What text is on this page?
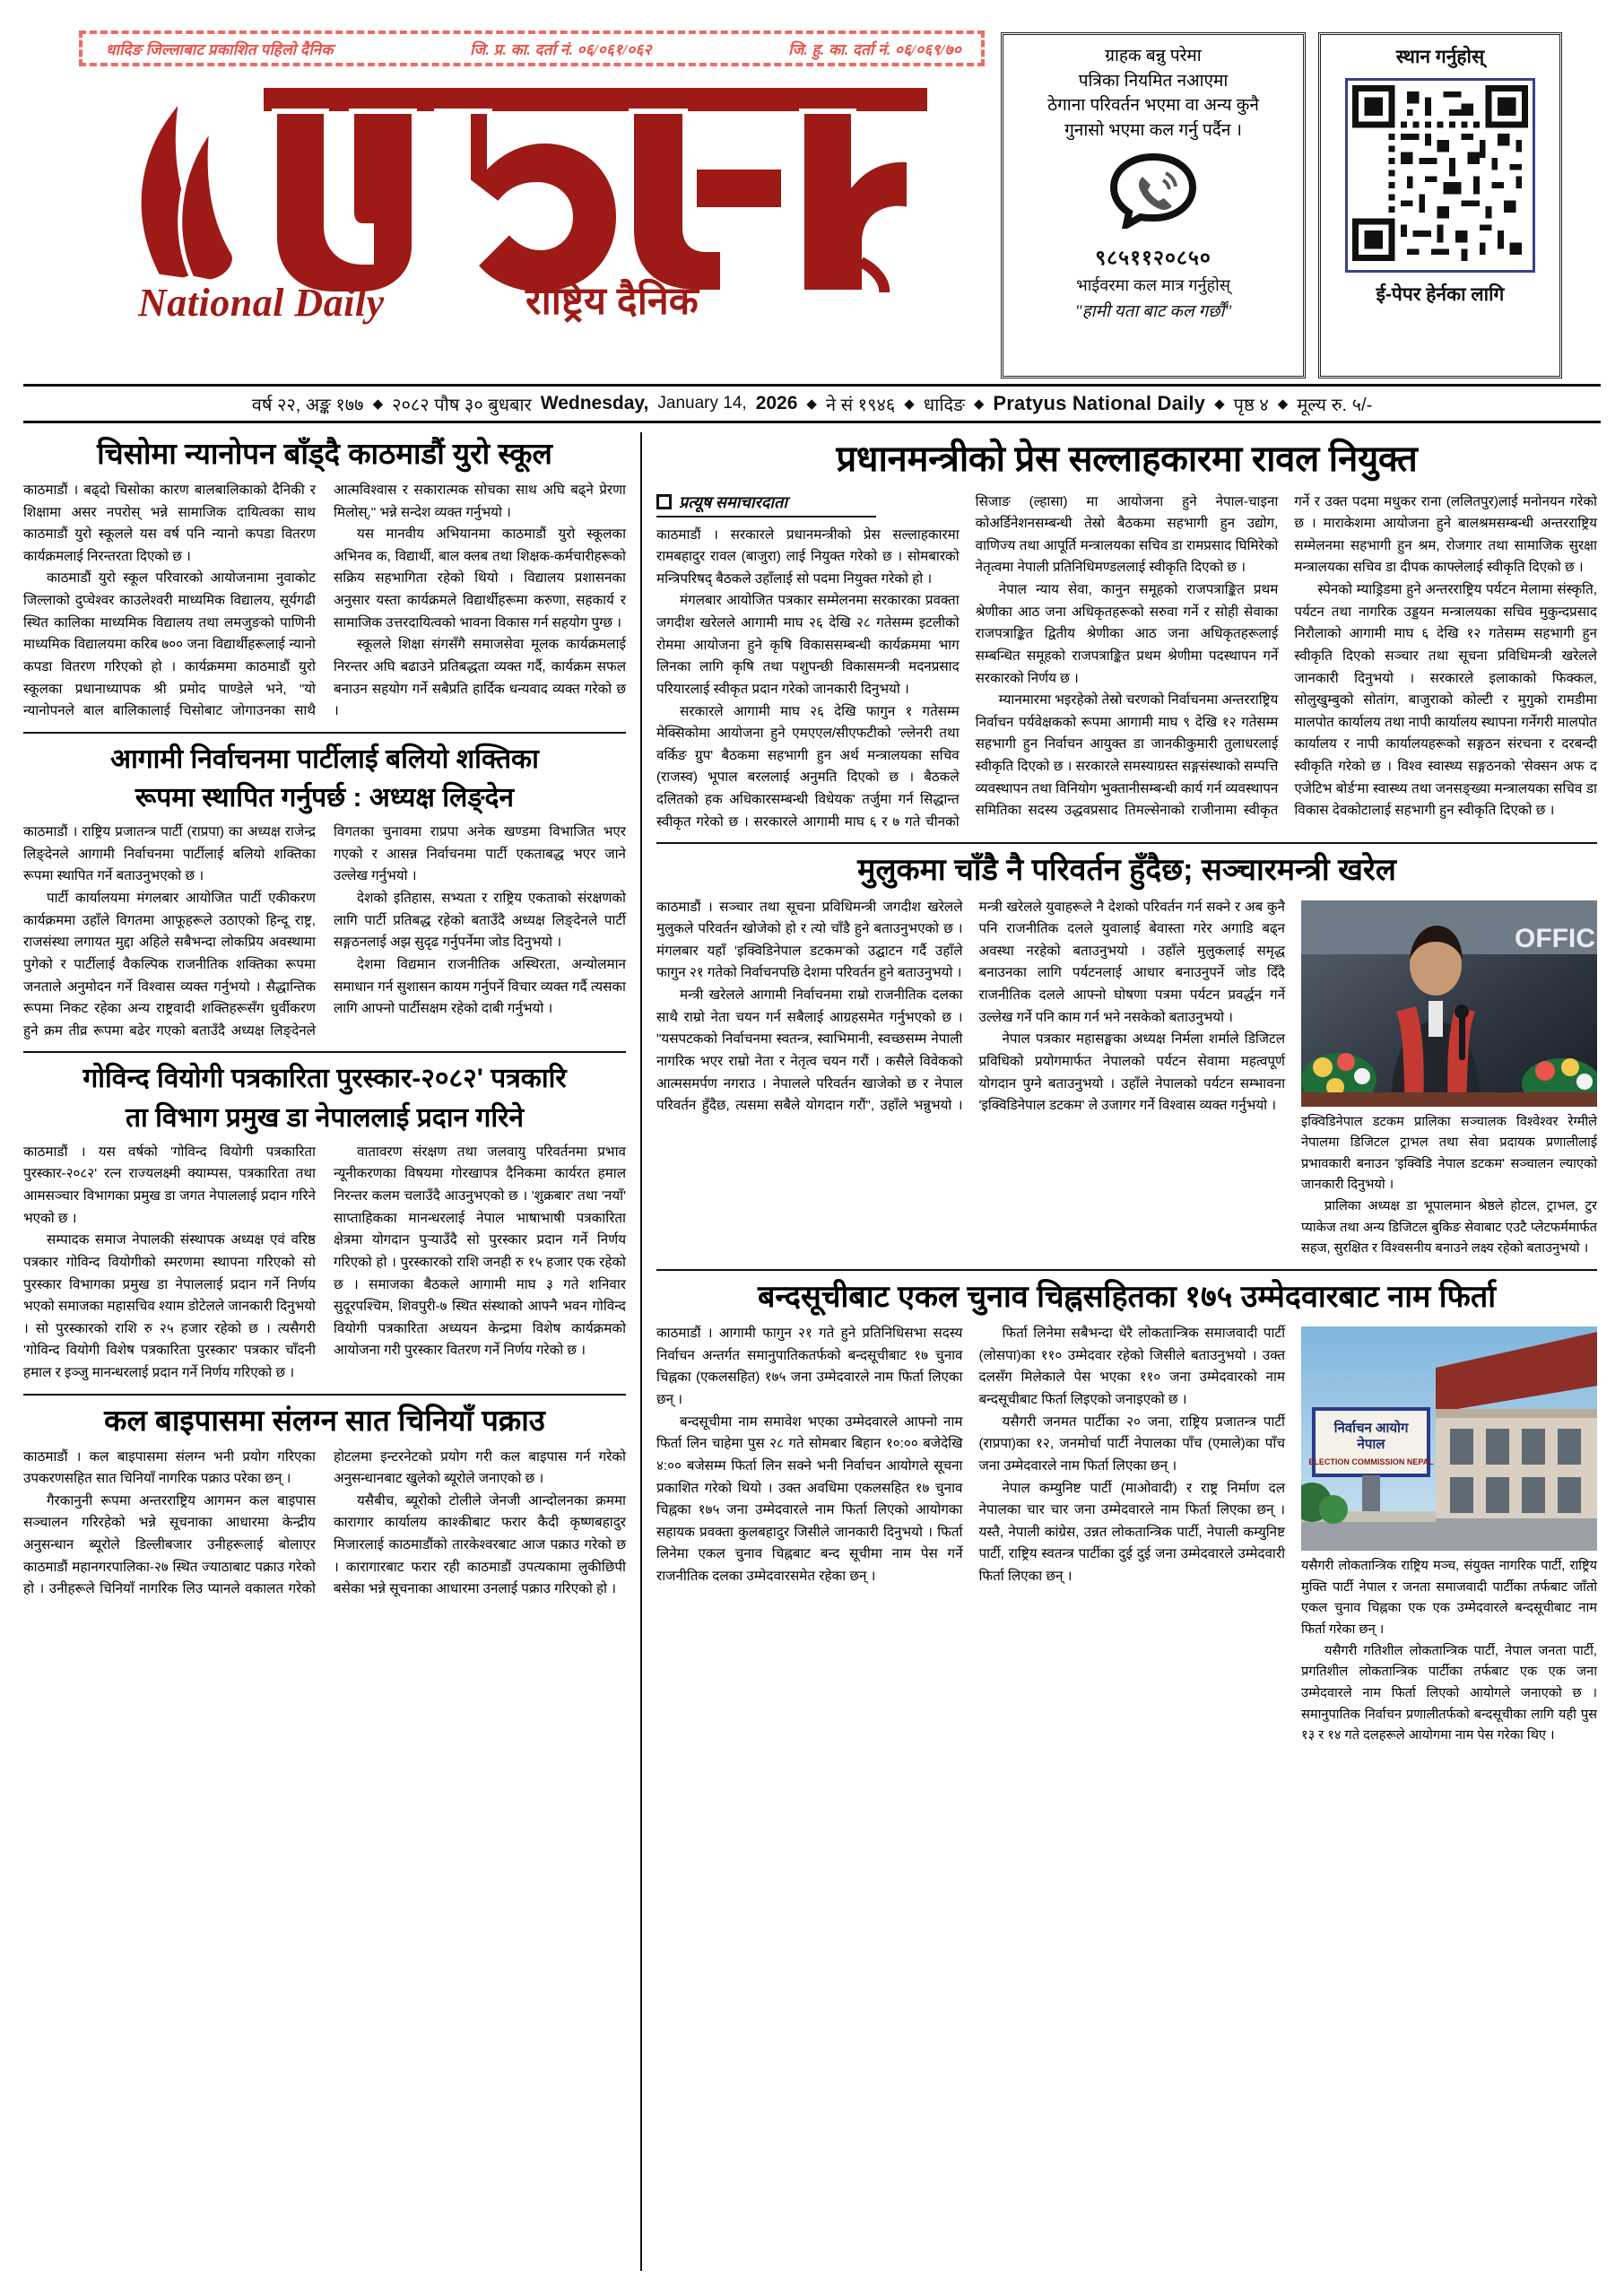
धादिङ जिल्लाबाट प्रकाशित पहिलो दैनिक	जि. प्र. का. दर्ता नं. ०६/०६१/०६२	जि. हु. का. दर्ता नं. ०६/०६९/७०
National Daily	राष्ट्रिय दैनिक
ग्राहक बन्नु परेमा
पत्रिका नियमित नआएमा
ठेगाना परिवर्तन भएमा वा अन्य कुनै
गुनासो भएमा कल गर्नु पर्दैन ।
९८५११२०८५०
भाईवरमा कल मात्र गर्नुहोस्
"हामी यता बाट कल गर्छौं"
स्थान गर्नुहोस्
ई-पेपर हेर्नका लागि
वर्ष २२, अङ्क १७७ ◆ २०८२ पौष ३० बुधबार Wednesday, January 14, 2026 ◆ ने सं १९४६ ◆ धादिङ ◆ Pratyus National Daily ◆ पृष्ठ ४ ◆ मूल्य रु. ५/-
चिसोमा न्यानोपन बाँड्दै काठमाडौं युरो स्कूल

काठमाडौं । बढ्दो चिसोका कारण बालबालिकाको दैनिकी र शिक्षामा असर नपरोस् भन्ने सामाजिक दायित्वका साथ काठमाडौं युरो स्कूलले यस वर्ष पनि न्यानो कपडा वितरण कार्यक्रमलाई निरन्तरता दिएको छ ।

काठमाडौं युरो स्कूल परिवारको आयोजनामा नुवाकोट जिल्लाको दुप्चेश्वर काउलेश्वरी माध्यमिक विद्यालय, सूर्यगढी स्थित कालिका माध्यमिक विद्यालय तथा लमजुङको पाणिनी माध्यमिक विद्यालयमा करिब ७०० जना विद्यार्थीहरूलाई न्यानो कपडा वितरण गरिएको हो । कार्यक्रममा काठमाडौं युरो स्कूलका प्रधानाध्यापक श्री प्रमोद पाण्डेले भने, "यो न्यानोपनले बाल बालिकालाई चिसोबाट जोगाउनका साथै आत्मविश्वास र सकारात्मक सोचका साथ अघि बढ्ने प्रेरणा मिलोस्," भन्ने सन्देश व्यक्त गर्नुभयो ।

यस मानवीय अभियानमा काठमाडौं युरो स्कूलका अभिनव क, विद्यार्थी, बाल क्लब तथा शिक्षक-कर्मचारीहरूको सक्रिय सहभागिता रहेको थियो । विद्यालय प्रशासनका अनुसार यस्ता कार्यक्रमले विद्यार्थीहरूमा करुणा, सहकार्य र सामाजिक उत्तरदायित्वको भावना विकास गर्न सहयोग पुग्छ ।

स्कूलले शिक्षा संगसँगै समाजसेवा मूलक कार्यक्रमलाई निरन्तर अघि बढाउने प्रतिबद्धता व्यक्त गर्दै, कार्यक्रम सफल बनाउन सहयोग गर्ने सबैप्रति हार्दिक धन्यवाद व्यक्त गरेको छ ।

आगामी निर्वाचनमा पार्टीलाई बलियो शक्तिका
रूपमा स्थापित गर्नुपर्छ : अध्यक्ष लिङ्देन

काठमाडौं । राष्ट्रिय प्रजातन्त्र पार्टी (राप्रपा) का अध्यक्ष राजेन्द्र लिङ्देनले आगामी निर्वाचनमा पार्टीलाई बलियो शक्तिका रूपमा स्थापित गर्ने बताउनुभएको छ ।

पार्टी कार्यालयमा मंगलबार आयोजित पार्टी एकीकरण कार्यक्रममा उहाँले विगतमा आफूहरूले उठाएको हिन्दू राष्ट्र, राजसंस्था लगायत मुद्दा अहिले सबैभन्दा लोकप्रिय अवस्थामा पुगेको र पार्टीलाई वैकल्पिक राजनीतिक शक्तिका रूपमा जनताले अनुमोदन गर्ने विश्वास व्यक्त गर्नुभयो । सैद्धान्तिक रूपमा निकट रहेका अन्य राष्ट्रवादी शक्तिहरूसँग धुर्वीकरण हुने क्रम तीव्र रूपमा बढेर गएको बताउँदै अध्यक्ष लिङ्देनले विगतका चुनावमा राप्रपा अनेक खण्डमा विभाजित भएर गएको र आसन्न निर्वाचनमा पार्टी एकताबद्ध भएर जाने उल्लेख गर्नुभयो ।

देशको इतिहास, सभ्यता र राष्ट्रिय एकताको संरक्षणको लागि पार्टी प्रतिबद्ध रहेको बताउँदै अध्यक्ष लिङ्देनले पार्टी सङ्गठनलाई अझ सुदृढ गर्नुपर्नेमा जोड दिनुभयो ।

देशमा विद्यमान राजनीतिक अस्थिरता, अन्योलमान समाधान गर्न सुशासन कायम गर्नुपर्ने विचार व्यक्त गर्दै त्यसका लागि आफ्नो पार्टीसक्षम रहेको दाबी गर्नुभयो ।

गोविन्द वियोगी पत्रकारिता पुरस्कार-२०८२' पत्रकारि
ता विभाग प्रमुख डा नेपाललाई प्रदान गरिने

काठमाडौं । यस वर्षको 'गोविन्द वियोगी पत्रकारिता पुरस्कार-२०८२' रत्न राज्यलक्ष्मी क्याम्पस, पत्रकारिता तथा आमसञ्चार विभागका प्रमुख डा जगत नेपाललाई प्रदान गरिने भएको छ ।

सम्पादक समाज नेपालकी संस्थापक अध्यक्ष एवं वरिष्ठ पत्रकार गोविन्द वियोगीको स्मरणमा स्थापना गरिएको सो पुरस्कार विभागका प्रमुख डा नेपाललाई प्रदान गर्ने निर्णय भएको समाजका महासचिव श्याम डोटेलले जानकारी दिनुभयो । सो पुरस्कारको राशि रु २५ हजार रहेको छ । त्यसैगरी 'गोविन्द वियोगी विशेष पत्रकारिता पुरस्कार' पत्रकार चाँदनी हमाल र इञ्जु मानन्धरलाई प्रदान गर्ने निर्णय गरिएको छ ।

वातावरण संरक्षण तथा जलवायु परिवर्तनमा प्रभाव न्यूनीकरणका विषयमा गोरखापत्र दैनिकमा कार्यरत हमाल निरन्तर कलम चलाउँदै आउनुभएको छ । 'शुक्रबार' तथा 'नयाँ' साप्ताहिकका मानन्धरलाई नेपाल भाषाभाषी पत्रकारिता क्षेत्रमा योगदान पुर्‍याउँदै सो पुरस्कार प्रदान गर्ने निर्णय गरिएको हो । पुरस्कारको राशि जनही रु १५ हजार एक रहेको छ । समाजका बैठकले आगामी माघ ३ गते शनिवार सुदूरपश्चिम, शिवपुरी-७ स्थित संस्थाको आफ्नै भवन गोविन्द वियोगी पत्रकारिता अध्ययन केन्द्रमा विशेष कार्यक्रमको आयोजना गरी पुरस्कार वितरण गर्ने निर्णय गरेको छ ।

कल बाइपासमा संलग्न सात चिनियाँ पक्राउ

काठमाडौं । कल बाइपासमा संलग्न भनी प्रयोग गरिएका उपकरणसहित सात चिनियाँ नागरिक पक्राउ परेका छन् ।

गैरकानुनी रूपमा अन्तरराष्ट्रिय आगमन कल बाइपास सञ्चालन गरिरहेको भन्ने सूचनाका आधारमा केन्द्रीय अनुसन्धान ब्यूरोले डिल्लीबजार उनीहरूलाई बोलाएर काठमाडौं महानगरपालिका-२७ स्थित ज्याठाबाट पक्राउ गरेको हो । उनीहरूले चिनियाँ नागरिक लिउ प्यानले वकालत गरेको होटलमा इन्टरनेटको प्रयोग गरी कल बाइपास गर्न गरेको अनुसन्धानबाट खुलेको ब्यूरोले जनाएको छ ।

यसैबीच, ब्यूरोको टोलीले जेनजी आन्दोलनका क्रममा कारागार कार्यालय काश्कीबाट फरार कैदी कृष्णबहादुर मिजारलाई काठमाडौंको तारकेश्वरबाट आज पक्राउ गरेको छ । कारागारबाट फरार रही काठमाडौं उपत्यकामा लुकीछिपी बसेका भन्ने सूचनाका आधारमा उनलाई पक्राउ गरिएको हो ।

प्रधानमन्त्रीको प्रेस सल्लाहकारमा रावल नियुक्त
प्रत्यूष समाचारदाता

काठमाडौं । सरकारले प्रधानमन्त्रीको प्रेस सल्लाहकारमा रामबहादुर रावल (बाजुरा) लाई नियुक्त गरेको छ । सोमबारको मन्त्रिपरिषद् बैठकले उहाँलाई सो पदमा नियुक्त गरेको हो ।

मंगलबार आयोजित पत्रकार सम्मेलनमा सरकारका प्रवक्ता जगदीश खरेलले आगामी माघ २६ देखि २८ गतेसम्म इटलीको रोममा आयोजना हुने कृषि विकाससम्बन्धी कार्यक्रममा भाग लिनका लागि कृषि तथा पशुपन्छी विकासमन्त्री मदनप्रसाद परियारलाई स्वीकृत प्रदान गरेको जानकारी दिनुभयो ।

सरकारले आगामी माघ २६ देखि फागुन १ गतेसम्म मेक्सिकोमा आयोजना हुने एमएएल/सीएफटीको 'ल्लेनरी तथा वर्किङ ग्रुप' बैठकमा सहभागी हुन अर्थ मन्त्रालयका सचिव (राजस्व) भूपाल बरललाई अनुमति दिएको छ । बैठकले दलितको हक अधिकारसम्बन्धी विधेयक' तर्जुमा गर्न सिद्धान्त स्वीकृत गरेको छ । सरकारले आगामी माघ ६ र ७ गते चीनको सिजाङ (ल्हासा) मा आयोजना हुने नेपाल-चाइना कोअर्डिनेशनसम्बन्धी तेस्रो बैठकमा सहभागी हुन उद्योग, वाणिज्य तथा आपूर्ति मन्त्रालयका सचिव डा रामप्रसाद घिमिरेको नेतृत्वमा नेपाली प्रतिनिधिमण्डललाई स्वीकृति दिएको छ ।

नेपाल न्याय सेवा, कानुन समूहको राजपत्राङ्कित प्रथम श्रेणीका आठ जना अधिकृतहरूको सरुवा गर्ने र सोही सेवाका राजपत्राङ्कित द्वितीय श्रेणीका आठ जना अधिकृतहरूलाई सम्बन्धित समूहको राजपत्राङ्कित प्रथम श्रेणीमा पदस्थापन गर्ने सरकारको निर्णय छ ।

म्यानमारमा भइरहेको तेस्रो चरणको निर्वाचनमा अन्तरराष्ट्रिय निर्वाचन पर्यवेक्षकको रूपमा आगामी माघ ९ देखि १२ गतेसम्म सहभागी हुन निर्वाचन आयुक्त डा जानकीकुमारी तुलाधरलाई स्वीकृति दिएको छ । सरकारले समस्याग्रस्त सङ्गसंस्थाको सम्पत्ति व्यवस्थापन तथा विनियोग भुक्तानीसम्बन्धी कार्य गर्न व्यवस्थापन समितिका सदस्य उद्धवप्रसाद तिमल्सेनाको राजीनामा स्वीकृत गर्ने र उक्त पदमा मधुकर राना (ललितपुर)लाई मनोनयन गरेको छ । माराकेशमा आयोजना हुने बालश्रमसम्बन्धी अन्तरराष्ट्रिय सम्मेलनमा सहभागी हुन श्रम, रोजगार तथा सामाजिक सुरक्षा मन्त्रालयका सचिव डा दीपक काफ्लेलाई स्वीकृति दिएको छ ।

स्पेनको म्याड्रिडमा हुने अन्तरराष्ट्रिय पर्यटन मेलामा संस्कृति, पर्यटन तथा नागरिक उड्डयन मन्त्रालयका सचिव मुकुन्दप्रसाद निरौलाको आगामी माघ ६ देखि १२ गतेसम्म सहभागी हुन स्वीकृति दिएको सञ्चार तथा सूचना प्रविधिमन्त्री खरेलले जानकारी दिनुभयो । सरकारले इलाकाको फिक्कल, सोलुखुम्बुको सोतांग, बाजुराको कोल्टी र मुगुको रामडीमा मालपोत कार्यालय तथा नापी कार्यालय स्थापना गर्नेगरी मालपोत कार्यालय र नापी कार्यालयहरूको सङ्गठन संरचना र दरबन्दी स्वीकृति गरेको छ । विश्व स्वास्थ्य सङ्गठनको 'सेक्सन अफ द एजेटिभ बोर्ड'मा स्वास्थ्य तथा जनसङ्ख्या मन्त्रालयका सचिव डा विकास देवकोटालाई सहभागी हुन स्वीकृति दिएको छ ।

मुलुकमा चाँडै नै परिवर्तन हुँदैछ; सञ्चारमन्त्री खरेल

काठमाडौं । सञ्चार तथा सूचना प्रविधिमन्त्री जगदीश खरेलले मुलुकले परिवर्तन खोजेको हो र त्यो चाँडै हुने बताउनुभएको छ । मंगलबार यहाँ 'इक्विडिनेपाल डटकम'को उद्घाटन गर्दै उहाँले फागुन २१ गतेको निर्वाचनपछि देशमा परिवर्तन हुने बताउनुभयो ।

मन्त्री खरेलले आगामी निर्वाचनमा राम्रो राजनीतिक दलका साथै राम्रो नेता चयन गर्न सबैलाई आग्रहसमेत गर्नुभएको छ । "यसपटकको निर्वाचनमा स्वतन्त्र, स्वाभिमानी, स्वच्छसम्म नेपाली नागरिक भएर राम्रो नेता र नेतृत्व चयन गरौं । कसैले विवेकको आत्मसमर्पण नगराउ । नेपालले परिवर्तन खाजेको छ र नेपाल परिवर्तन हुँदैछ, त्यसमा सबैले योगदान गरौं", उहाँले भन्नुभयो । मन्त्री खरेलले युवाहरूले नै देशको परिवर्तन गर्न सक्ने र अब कुनै पनि राजनीतिक दलले युवालाई बेवास्ता गरेर अगाडि बढ्न अवस्था नरहेको बताउनुभयो । उहाँले मुलुकलाई समृद्ध बनाउनका लागि पर्यटनलाई आधार बनाउनुपर्ने जोड दिँदै राजनीतिक दलले आफ्नो घोषणा पत्रमा पर्यटन प्रवर्द्धन गर्ने उल्लेख गर्ने पनि काम गर्न भने नसकेको बताउनुभयो ।

नेपाल पत्रकार महासङ्घका अध्यक्ष निर्मला शर्माले डिजिटल प्रविधिको प्रयोगमार्फत नेपालको पर्यटन सेवामा महत्वपूर्ण योगदान पुग्ने बताउनुभयो । उहाँले नेपालको पर्यटन सम्भावना 'इक्विडिनेपाल डटकम' ले उजागर गर्ने विश्वास व्यक्त गर्नुभयो ।

OFFIC

इक्विडिनेपाल डटकम प्रालिका सञ्चालक विश्वेश्वर रेग्मीले नेपालमा डिजिटल ट्राभल तथा सेवा प्रदायक प्रणालीलाई प्रभावकारी बनाउन 'इक्विडि नेपाल डटकम' सञ्चालन ल्याएको जानकारी दिनुभयो ।

प्रालिका अध्यक्ष डा भूपालमान श्रेष्ठले होटल, ट्राभल, टुर प्याकेज तथा अन्य डिजिटल बुकिङ सेवाबाट एउटै प्लेटफर्ममार्फत सहज, सुरक्षित र विश्वसनीय बनाउने लक्ष्य रहेको बताउनुभयो ।

बन्दसूचीबाट एकल चुनाव चिह्नसहितका १७५ उम्मेदवारबाट नाम फिर्ता

काठमाडौं । आगामी फागुन २१ गते हुने प्रतिनिधिसभा सदस्य निर्वाचन अन्तर्गत समानुपातिकतर्फको बन्दसूचीबाट १७ चुनाव चिह्नका (एकलसहित) १७५ जना उम्मेदवारले नाम फिर्ता लिएका छन् ।

बन्दसूचीमा नाम समावेश भएका उम्मेदवारले आफ्नो नाम फिर्ता लिन चाहेमा पुस २८ गते सोमबार बिहान १०:०० बजेदेखि ४:०० बजेसम्म फिर्ता लिन सक्ने भनी निर्वाचन आयोगले सूचना प्रकाशित गरेको थियो । उक्त अवधिमा एकलसहित १७ चुनाव चिह्नका १७५ जना उम्मेदवारले नाम फिर्ता लिएको आयोगका सहायक प्रवक्ता कुलबहादुर जिसीले जानकारी दिनुभयो । फिर्ता लिनेमा एकल चुनाव चिह्नबाट बन्द सूचीमा नाम पेस गर्ने राजनीतिक दलका उम्मेदवारसमेत रहेका छन् ।

फिर्ता लिनेमा सबैभन्दा धेरै लोकतान्त्रिक समाजवादी पार्टी (लोसपा)का ११० उम्मेदवार रहेको जिसीले बताउनुभयो । उक्त दलसँग मिलेकाले पेस भएका ११० जना उम्मेदवारको नाम बन्दसूचीबाट फिर्ता लिइएको जनाइएको छ ।

यसैगरी जनमत पार्टीका २० जना, राष्ट्रिय प्रजातन्त्र पार्टी (राप्रपा)का १२, जनमोर्चा पार्टी नेपालका पाँच (एमाले)का पाँच जना उम्मेदवारले नाम फिर्ता लिएका छन् ।

नेपाल कम्युनिष्ट पार्टी (माओवादी) र राष्ट्र निर्माण दल नेपालका चार चार जना उम्मेदवारले नाम फिर्ता लिएका छन् । यस्तै, नेपाली कांग्रेस, उन्नत लोकतान्त्रिक पार्टी, नेपाली कम्युनिष्ट पार्टी, राष्ट्रिय स्वतन्त्र पार्टीका दुई दुई जना उम्मेदवारले उम्मेदवारी फिर्ता लिएका छन् ।

निर्वाचन आयोग
नेपाल
ELECTION COMMISSION NEPAL

यसैगरी लोकतान्त्रिक राष्ट्रिय मञ्च, संयुक्त नागरिक पार्टी, राष्ट्रिय मुक्ति पार्टी नेपाल र जनता समाजवादी पार्टीका तर्फबाट जाँतो एकल चुनाव चिह्नका एक एक उम्मेदवारले बन्दसूचीबाट नाम फिर्ता गरेका छन् ।

यसैगरी गतिशील लोकतान्त्रिक पार्टी, नेपाल जनता पार्टी, प्रगतिशील लोकतान्त्रिक पार्टीका तर्फबाट एक एक जना उम्मेदवारले नाम फिर्ता लिएको आयोगले जनाएको छ । समानुपातिक निर्वाचन प्रणालीतर्फको बन्दसूचीका लागि यही पुस १३ र १४ गते दलहरूले आयोगमा नाम पेस गरेका थिए ।
